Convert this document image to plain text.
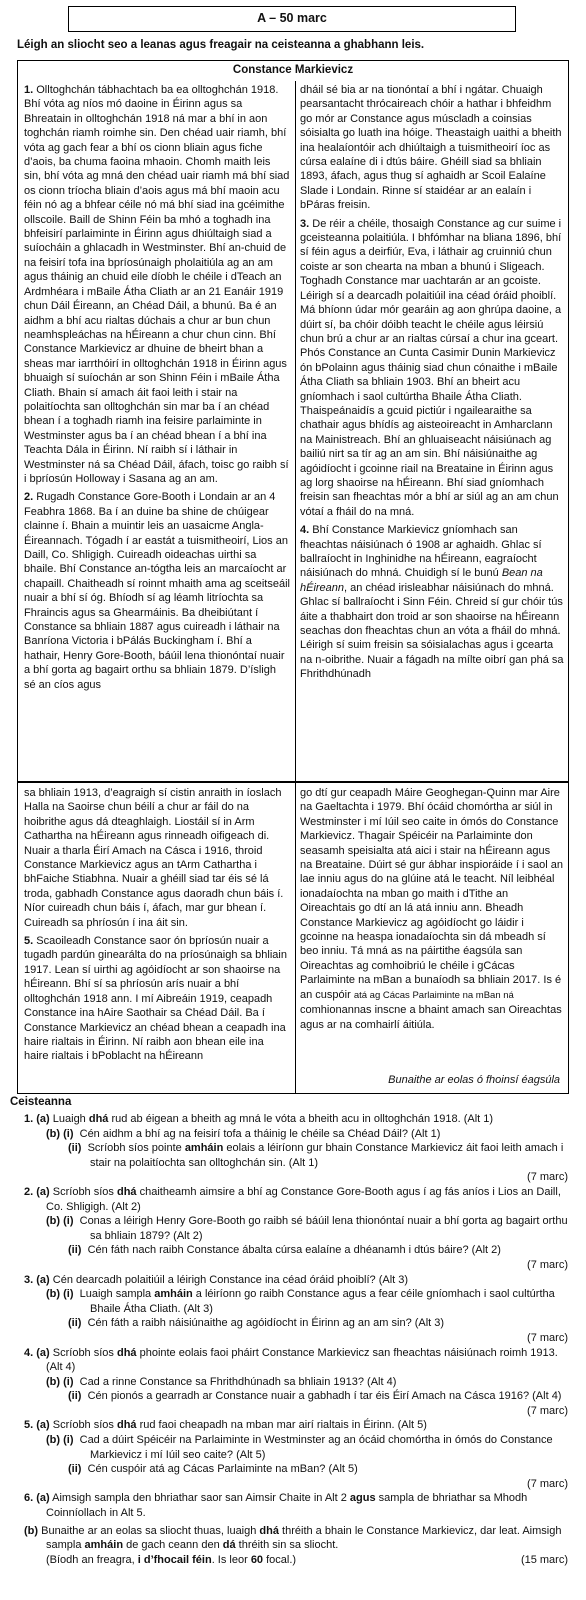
A – 50 marc
Léigh an sliocht seo a leanas agus freagair na ceisteanna a ghabhann leis.
Constance Markievicz

1. Olltoghchán tábhachtach ba ea olltoghchán 1918. Bhí vóta ag níos mó daoine in Éirinn agus sa Bhreatain in olltoghchán 1918 ná mar a bhí in aon toghchán riamh roimhe sin. Den chéad uair riamh, bhí vóta ag gach fear a bhí os cionn bliain agus fiche d’aois, ba chuma faoina mhaoin. Chomh maith leis sin, bhí vóta ag mná den chéad uair riamh má bhí siad os cionn tríocha bliain d’aois agus má bhí maoin acu féin nó ag a bhfear céile nó má bhí siad ina gcéimithe ollscoile. Baill de Shinn Féin ba mhó a toghadh ina bhfeisirí parlaiminte in Éirinn agus dhiúltaigh siad a suíocháin a ghlacadh in Westminster. Bhí an-chuid de na feisirí tofa ina bpríosúnaigh pholaitiúla ag an am agus tháinig an chuid eile díobh le chéile i dTeach an Ardmhéara i mBaile Átha Cliath ar an 21 Eanáir 1919 chun Dáil Éireann, an Chéad Dáil, a bhunú. Ba é an aidhm a bhí acu rialtas dúchais a chur ar bun chun neamhspleáchas na hÉireann a chur chun cinn. Bhí Constance Markievicz ar dhuine de bheirt bhan a sheas mar iarrthóirí in olltoghchán 1918 in Éirinn agus bhuaigh sí suíochán ar son Shinn Féin i mBaile Átha Cliath. Bhain sí amach áit faoi leith i stair na polaitíochta san olltoghchán sin mar ba í an chéad bhean í a toghadh riamh ina feisire parlaiminte in Westminster agus ba í an chéad bhean í a bhí ina Teachta Dála in Éirinn. Ní raibh sí i láthair in Westminster ná sa Chéad Dáil, áfach, toisc go raibh sí i bpríosún Holloway i Sasana ag an am.

2. Rugadh Constance Gore-Booth i Londain ar an 4 Feabhra 1868. Ba í an duine ba shine de chúigear clainne í. Bhain a muintir leis an uasaicme Angla-Éireannach. Tógadh í ar eastát a tuismitheoirí, Lios an Daill, Co. Shligigh. Cuireadh oideachas uirthi sa bhaile. Bhí Constance an-tógtha leis an marcaíocht ar chapaill. Chaitheadh sí roinnt mhaith ama ag sceitseáil nuair a bhí sí óg. Bhíodh sí ag léamh litríochta sa Fhraincis agus sa Ghearmáinis. Ba dheibiútant í Constance sa bhliain 1887 agus cuireadh i láthair na Banríona Victoria i bPálás Buckingham í. Bhí a hathair, Henry Gore-Booth, báúil lena thionóntaí nuair a bhí gorta ag bagairt orthu sa bhliain 1879. D’ísligh sé an cíos agus

dháil sé bia ar na tionóntaí a bhí i ngátar. Chuaigh pearsantacht thrócaireach chóir a hathar i bhfeidhm go mór ar Constance agus múscladh a coinsias sóisialta go luath ina hóige. Theastaigh uaithi a bheith ina healaíontóir ach dhiúltaigh a tuismitheoirí íoc as cúrsa ealaíne di i dtús báire. Ghéill siad sa bhliain 1893, áfach, agus thug sí aghaidh ar Scoil Ealaíne Slade i Londain. Rinne sí staidéar ar an ealaín i bPáras freisin.

3. De réir a chéile, thosaigh Constance ag cur suime i gceisteanna polaitiúla. I bhfómhar na bliana 1896, bhí sí féin agus a deirfiúr, Eva, i láthair ag cruinniú chun coiste ar son chearta na mban a bhunú i Sligeach. Toghadh Constance mar uachtarán ar an gcoiste. Léirigh sí a dearcadh polaitiúil ina céad óráid phoiblí. Má bhíonn údar mór gearáin ag aon ghrúpa daoine, a dúirt sí, ba chóir dóibh teacht le chéile agus léirsiú chun brú a chur ar an rialtas cúrsaí a chur ina gceart. Phós Constance an Cunta Casimir Dunin Markievicz ón bPolainn agus tháinig siad chun cónaithe i mBaile Átha Cliath sa bhliain 1903. Bhí an bheirt acu gníomhach i saol cultúrtha Bhaile Átha Cliath. Thaispeánaidís a gcuid pictiúr i ngailearaithe sa chathair agus bhídís ag aisteoireacht in Amharclann na Mainistreach. Bhí an ghluaiseacht náisiúnach ag bailiú nirt sa tír ag an am sin. Bhí náisiúnaithe ag agóidíocht i gcoinne riail na Breataine in Éirinn agus ag lorg shaoirse na hÉireann. Bhí siad gníomhach freisin san fheachtas mór a bhí ar siúl ag an am chun vótaí a fháil do na mná.

4. Bhí Constance Markievicz gníomhach san fheachtas náisiúnach ó 1908 ar aghaidh. Ghlac sí ballraíocht in Inghinidhe na hÉireann, eagraíocht náisiúnach do mhná. Chuidigh sí le bunú Bean na hÉireann, an chéad irisleabhar náisiúnach do mhná. Ghlac sí ballraíocht i Sinn Féin. Chreid sí gur chóir tús áite a thabhairt don troid ar son shaoirse na hÉireann seachas don fheachtas chun an vóta a fháil do mhná. Léirigh sí suim freisin sa sóisialachas agus i gcearta na n-oibrithe. Nuair a fágadh na mílte oibrí gan phá sa Fhrithdhúnadh

sa bhliain 1913, d’eagraigh sí cistin anraith in íoslach Halla na Saoirse chun béilí a chur ar fáil do na hoibrithe agus dá dteaghlaigh. Liostáil sí in Arm Cathartha na hÉireann agus rinneadh oifigeach di. Nuair a tharla Éirí Amach na Cásca i 1916, throid Constance Markievicz agus an tArm Cathartha i bhFaiche Stiabhna. Nuair a ghéill siad tar éis sé lá troda, gabhadh Constance agus daoradh chun báis í. Níor cuireadh chun báis í, áfach, mar gur bhean í. Cuireadh sa phríosún í ina áit sin.

5. Scaoileadh Constance saor ón bpríosún nuair a tugadh pardún ginearálta do na príosúnaigh sa bhliain 1917. Lean sí uirthi ag agóidíocht ar son shaoirse na hÉireann. Bhí sí sa phríosún arís nuair a bhí olltoghchán 1918 ann. I mí Aibreáin 1919, ceapadh Constance ina hAire Saothair sa Chéad Dáil. Ba í Constance Markievicz an chéad bhean a ceapadh ina haire rialtais in Éirinn. Ní raibh aon bhean eile ina haire rialtais i bPoblacht na hÉireann

go dtí gur ceapadh Máire Geoghegan-Quinn mar Aire na Gaeltachta i 1979. Bhí ócáid chomórtha ar siúl in Westminster i mí Iúil seo caite in ómós do Constance Markievicz. Thagair Spéicéir na Parlaiminte don seasamh speisialta atá aici i stair na hÉireann agus na Breataine. Dúirt sé gur ábhar inspioráide í i saol an lae inniu agus do na glúine atá le teacht. Níl leibhéal ionadaíochta na mban go maith i dTithe an Oireachtais go dtí an lá atá inniu ann. Bheadh Constance Markievicz ag agóidíocht go láidir i gcoinne na heaspa ionadaíochta sin dá mbeadh sí beo inniu. Tá mná as na páirtithe éagsúla san Oireachtas ag comhoibriú le chéile i gCácas Parlaiminte na mBan a bunaíodh sa bhliain 2017. Is é an cuspóir atá ag Cácas Parlaiminte na mBan ná comhionannas inscne a bhaint amach san Oireachtas agus ar na comhairlí áitiúla.

Bunaithe ar eolas ó fhoinsí éagsúla
Ceisteanna
1. (a) Luaigh dhá rud ab éigean a bheith ag mná le vóta a bheith acu in olltoghchán 1918. (Alt 1)
(b) (i) Cén aidhm a bhí ag na feisirí tofa a tháinig le chéile sa Chéad Dáil? (Alt 1)
(ii) Scríobh síos pointe amháin eolais a léiríonn gur bhain Constance Markievicz áit faoi leith amach i stair na polaitíochta san olltoghchán sin. (Alt 1)
(7 marc)
2. (a) Scríobh síos dhá chaitheamh aimsire a bhí ag Constance Gore-Booth agus í ag fás aníos i Lios an Daill, Co. Shligigh. (Alt 2)
(b) (i) Conas a léirigh Henry Gore-Booth go raibh sé báúil lena thionóntaí nuair a bhí gorta ag bagairt orthu sa bhliain 1879? (Alt 2)
(ii) Cén fáth nach raibh Constance ábalta cúrsa ealaíne a dhéanamh i dtús báire? (Alt 2)
(7 marc)
3. (a) Cén dearcadh polaitiúil a léirigh Constance ina céad óráid phoiblí? (Alt 3)
(b) (i) Luaigh sampla amháin a léiríonn go raibh Constance agus a fear céile gníomhach i saol cultúrtha Bhaile Átha Cliath. (Alt 3)
(ii) Cén fáth a raibh náisiúnaithe ag agóidíocht in Éirinn ag an am sin? (Alt 3)
(7 marc)
4. (a) Scríobh síos dhá phointe eolais faoi pháirt Constance Markievicz san fheachtas náisiúnach roimh 1913. (Alt 4)
(b) (i) Cad a rinne Constance sa Fhrithdhúnadh sa bhliain 1913? (Alt 4)
(ii) Cén pionós a gearradh ar Constance nuair a gabhadh í tar éis Éirí Amach na Cásca 1916? (Alt 4)
(7 marc)
5. (a) Scríobh síos dhá rud faoi cheapadh na mban mar airí rialtais in Éirinn. (Alt 5)
(b) (i) Cad a dúirt Spéicéir na Parlaiminte in Westminster ag an ócáid chomórtha in ómós do Constance Markievicz i mí Iúil seo caite? (Alt 5)
(ii) Cén cuspóir atá ag Cácas Parlaiminte na mBan? (Alt 5)
(7 marc)
6. (a) Aimsigh sampla den bhriathar saor san Aimsir Chaite in Alt 2 agus sampla de bhriathar sa Mhodh Coinníollach in Alt 5.
(b) Bunaithe ar an eolas sa sliocht thuas, luaigh dhá thréith a bhain le Constance Markievicz, dar leat. Aimsigh sampla amháin de gach ceann den dá thréith sin sa sliocht.
(Bíodh an freagra, i d’fhocail féin. Is leor 60 focal.)	(15 marc)
